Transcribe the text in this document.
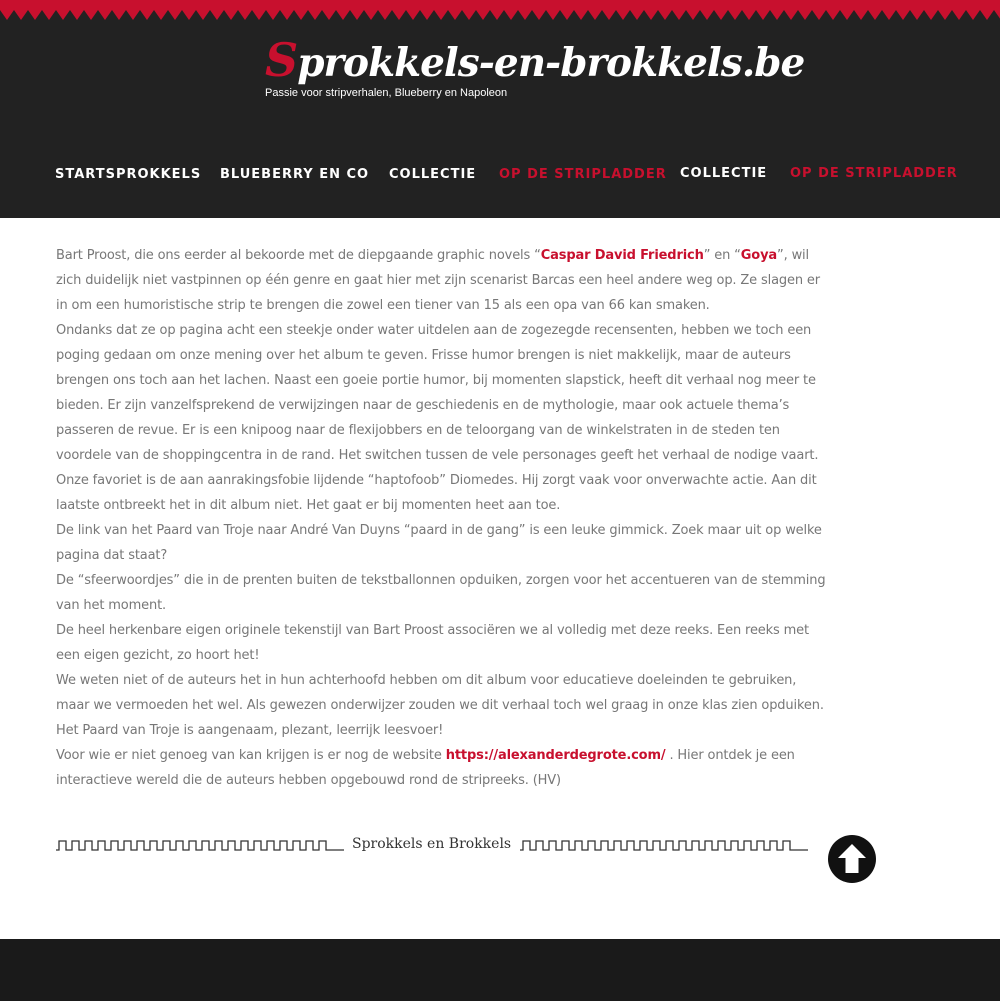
Sprokkels-en-brokkels.be
Passie voor stripverhalen, Blueberry en Napoleon
STARTSPROKKELS BLUEBERRY EN CO COLLECTIE OP DE STRIPLADDER COLLECTIE OP DE STRIPLADDER

Bart Proost, die ons eerder al bekoorde met de diepgaande graphic novels “Caspar David Friedrich” en “Goya”, wil zich duidelijk niet vastpinnen op één genre en gaat hier met zijn scenarist Barcas een heel andere weg op. Ze slagen er in om een humoristische strip te brengen die zowel een tiener van 15 als een opa van 66 kan smaken.

Ondanks dat ze op pagina acht een steekje onder water uitdelen aan de zogezegde recensenten, hebben we toch een poging gedaan om onze mening over het album te geven. Frisse humor brengen is niet makkelijk, maar de auteurs brengen ons toch aan het lachen. Naast een goeie portie humor, bij momenten slapstick, heeft dit verhaal nog meer te bieden. Er zijn vanzelfsprekend de verwijzingen naar de geschiedenis en de mythologie, maar ook actuele thema’s passeren de revue. Er is een knipoog naar de flexijobbers en de teloorgang van de winkelstraten in de steden ten voordele van de shoppingcentra in de rand. Het switchen tussen de vele personages geeft het verhaal de nodige vaart. Onze favoriet is de aan aanrakingsfobie lijdende “haptofoob” Diomedes. Hij zorgt vaak voor onverwachte actie. Aan dit laatste ontbreekt het in dit album niet. Het gaat er bij momenten heet aan toe.

De link van het Paard van Troje naar André Van Duyns “paard in de gang” is een leuke gimmick. Zoek maar uit op welke pagina dat staat?

De “sfeerwoordjes” die in de prenten buiten de tekstballonnen opduiken, zorgen voor het accentueren van de stemming van het moment.

De heel herkenbare eigen originele tekenstijl van Bart Proost associëren we al volledig met deze reeks. Een reeks met een eigen gezicht, zo hoort het!

We weten niet of de auteurs het in hun achterhoofd hebben om dit album voor educatieve doeleinden te gebruiken, maar we vermoeden het wel. Als gewezen onderwijzer zouden we dit verhaal toch wel graag in onze klas zien opduiken.

Het Paard van Troje is aangenaam, plezant, leerrijk leesvoer!

Voor wie er niet genoeg van kan krijgen is er nog de website https://alexanderdegrote.com/ . Hier ontdek je een interactieve wereld die de auteurs hebben opgebouwd rond de stripreeks. (HV)

Sprokkels en Brokkels
